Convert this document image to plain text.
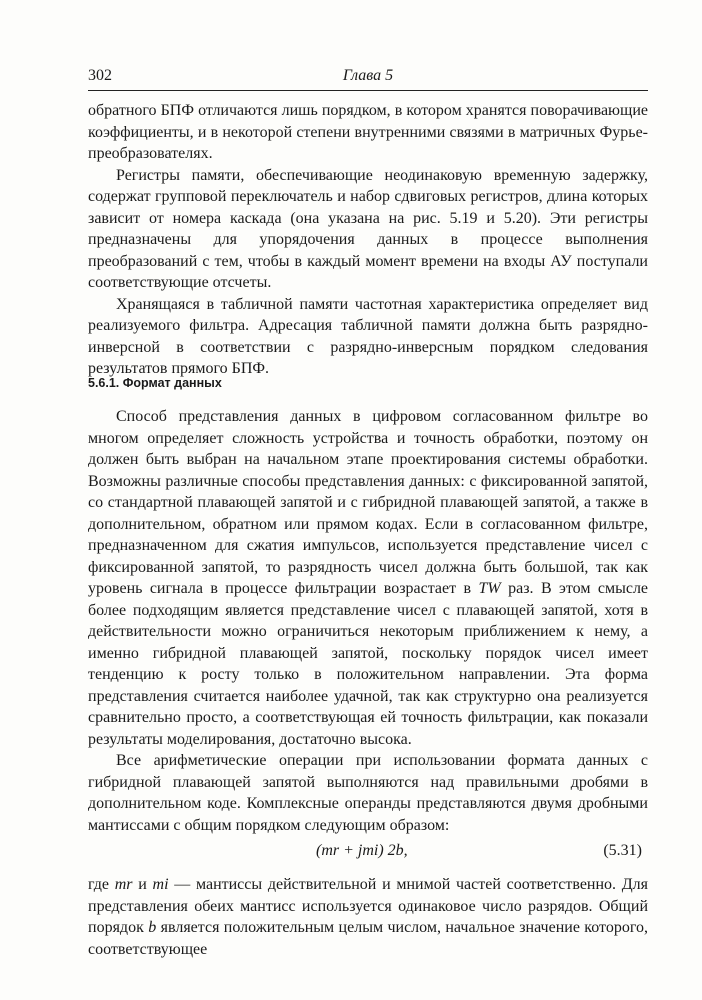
302	Глава 5

обратного БПФ отличаются лишь порядком, в котором хранятся поворачивающие коэффициенты, и в некоторой степени внутренними связями в матричных Фурье-преобразователях.

Регистры памяти, обеспечивающие неодинаковую временную задержку, содержат групповой переключатель и набор сдвиговых регистров, длина которых зависит от номера каскада (она указана на рис. 5.19 и 5.20). Эти регистры предназначены для упорядочения данных в процессе выполнения преобразований с тем, чтобы в каждый момент времени на входы АУ поступали соответствующие отсчеты.

Хранящаяся в табличной памяти частотная характеристика определяет вид реализуемого фильтра. Адресация табличной памяти должна быть разрядно-инверсной в соответствии с разрядно-инверсным порядком следования результатов прямого БПФ.

5.6.1. Формат данных

Способ представления данных в цифровом согласованном фильтре во многом определяет сложность устройства и точность обработки, поэтому он должен быть выбран на начальном этапе проектирования системы обработки. Возможны различные способы представления данных: с фиксированной запятой, со стандартной плавающей запятой и с гибридной плавающей запятой, а также в дополнительном, обратном или прямом кодах. Если в согласованном фильтре, предназначенном для сжатия импульсов, используется представление чисел с фиксированной запятой, то разрядность чисел должна быть большой, так как уровень сигнала в процессе фильтрации возрастает в TW раз. В этом смысле более подходящим является представление чисел с плавающей запятой, хотя в действительности можно ограничиться некоторым приближением к нему, а именно гибридной плавающей запятой, поскольку порядок чисел имеет тенденцию к росту только в положительном направлении. Эта форма представления считается наиболее удачной, так как структурно она реализуется сравнительно просто, а соответствующая ей точность фильтрации, как показали результаты моделирования, достаточно высока.

Все арифметические операции при использовании формата данных с гибридной плавающей запятой выполняются над правильными дробями в дополнительном коде. Комплексные операнды представляются двумя дробными мантиссами с общим порядком следующим образом:

(mr + jmi) 2b,	(5.31)

где mr и mi — мантиссы действительной и мнимой частей соответственно. Для представления обеих мантисс используется одинаковое число разрядов. Общий порядок b является положительным целым числом, начальное значение которого, соответствующее
